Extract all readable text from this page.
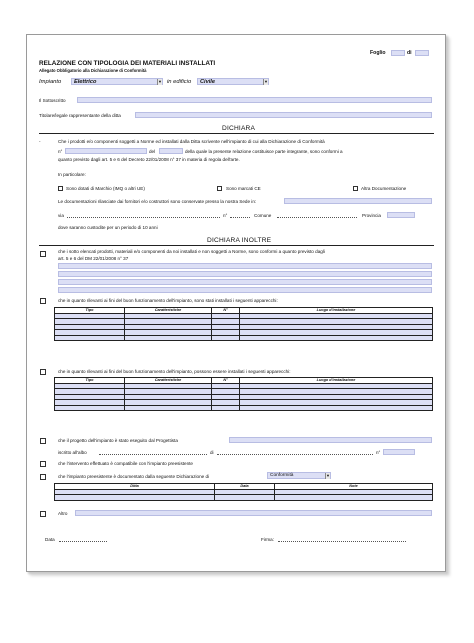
Foglio	di
RELAZIONE CON TIPOLOGIA DEI MATERIALI INSTALLATI
Allegato Obbligatorio alla Dichiarazione di Conformità
Impianto	Elettrico	▼ in edificio	Civile	▼
Il Sottoscritto
Titolare/legale rappresentante della ditta
DICHIARA
-	Che i prodotti e/o componenti soggetti a Norme ed installati dalla Ditta scrivente nell'impianto di cui alla Dichiarazione di Conformità
n°	del	della quale la presente relazione costituisce parte integrante, sono conformi a
quanto previsto dagli art. 5 e 6 del Decreto 22/01/2008 n° 37 in materia di regola dell'arte.
In particolare:
Sono dotati di Marchio (IMQ o altri UE)	Sono marcati CE	Altra Documentazione
Le documentazioni rilasciate dai fornitori e/o costruttori sono conservate presso la nostra Sede in:
via	n°	Comune	Provincia
dove saranno custodite per un periodo di 10 anni
DICHIARA INOLTRE
che i sotto elencati prodotti, materiali e/o componenti da noi installati e non soggetti a Norme, sono conformi a quanto previsto dagli
art. 5 e 6 del DM 22/01/2008 n° 37
che in quanto rilevanti ai fini del buon funzionamento dell'impianto, sono stati installati i seguenti apparecchi:
Tipo	Caratteristiche	N°	Luogo d'installazione

che in quanto rilevanti ai fini del buon funzionamento dell'impianto, possono essere installati i seguenti apparecchi:
Tipo	Caratteristiche	N°	Luogo d'installazione

che il progetto dell'impianto è stato eseguito dal Progettista
iscritto all'albo	di	n°
che l'intervento effettuato è compatibile con l'impianto preesistente
che l'impianto preesistente è documentato dalla seguente Dichiarazione di	Conformità	▼
Ditta	Data	Note

Altro
Data	Firma:
